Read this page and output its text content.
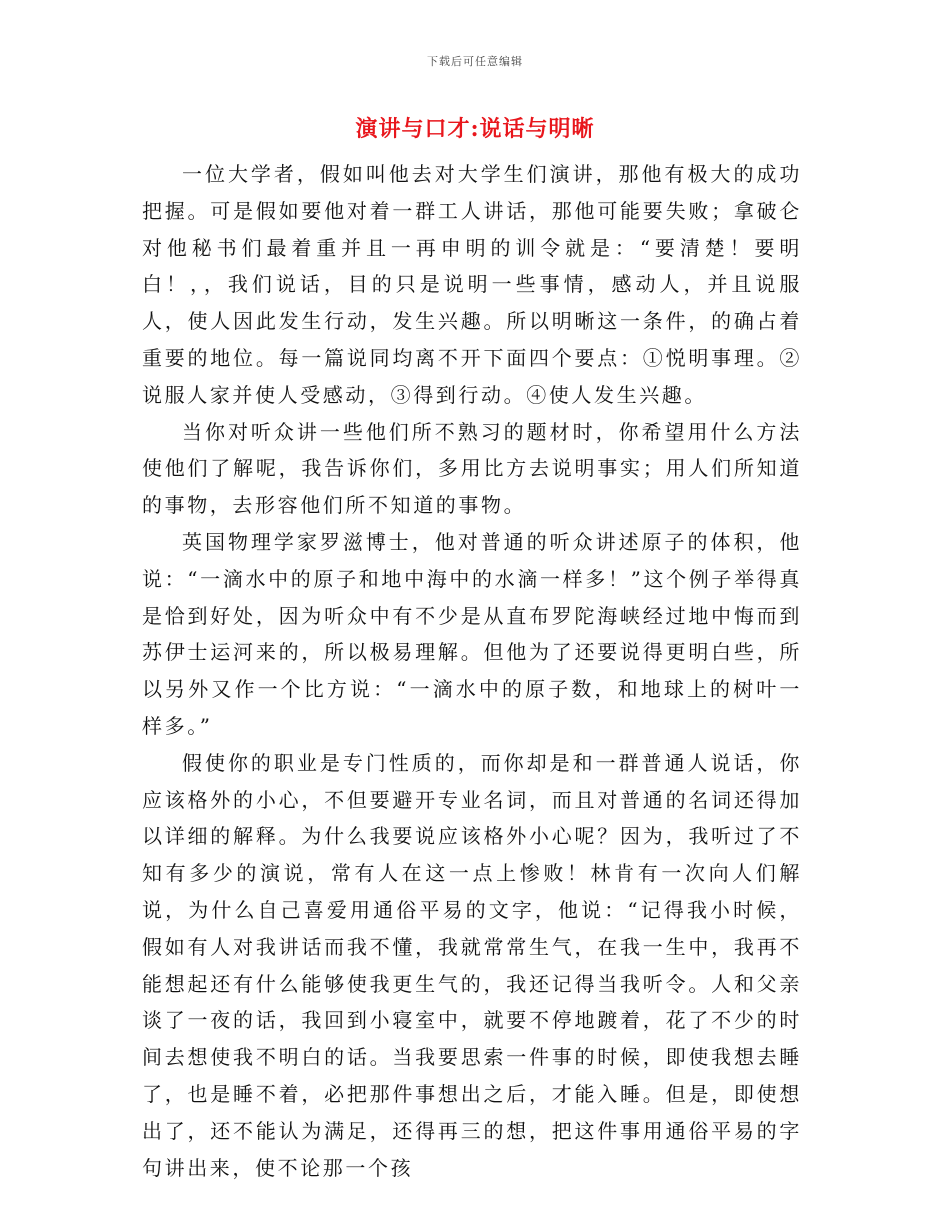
下载后可任意编辑
演讲与口才:说话与明晰

一位大学者，假如叫他去对大学生们演讲，那他有极大的成功把握。可是假如要他对着一群工人讲话，那他可能要失败；拿破仑对他秘书们最着重并且一再申明的训令就是：“要清楚！要明白！，，我们说话，目的只是说明一些事情，感动人，并且说服人，使人因此发生行动，发生兴趣。所以明晰这一条件，的确占着重要的地位。每一篇说同均离不开下面四个要点：①悦明事理。②说服人家并使人受感动，③得到行动。④使人发生兴趣。

当你对听众讲一些他们所不熟习的题材时，你希望用什么方法使他们了解呢，我告诉你们，多用比方去说明事实；用人们所知道的事物，去形容他们所不知道的事物。

英国物理学家罗滋博士，他对普通的听众讲述原子的体积，他说：“一滴水中的原子和地中海中的水滴一样多！”这个例子举得真是恰到好处，因为听众中有不少是从直布罗陀海峡经过地中悔而到苏伊士运河来的，所以极易理解。但他为了还要说得更明白些，所以另外又作一个比方说：“一滴水中的原子数，和地球上的树叶一样多。”

假使你的职业是专门性质的，而你却是和一群普通人说话，你应该格外的小心，不但要避开专业名词，而且对普通的名词还得加以详细的解释。为什么我要说应该格外小心呢？因为，我听过了不知有多少的演说，常有人在这一点上惨败！林肯有一次向人们解说，为什么自己喜爱用通俗平易的文字，他说：“记得我小时候，假如有人对我讲话而我不懂，我就常常生气，在我一生中，我再不能想起还有什么能够使我更生气的，我还记得当我听令。人和父亲谈了一夜的话，我回到小寝室中，就要不停地踱着，花了不少的时间去想使我不明白的话。当我要思索一件事的时候，即使我想去睡了，也是睡不着，必把那件事想出之后，才能入睡。但是，即使想出了，还不能认为满足，还得再三的想，把这件事用通俗平易的字句讲出来，使不论那一个孩
